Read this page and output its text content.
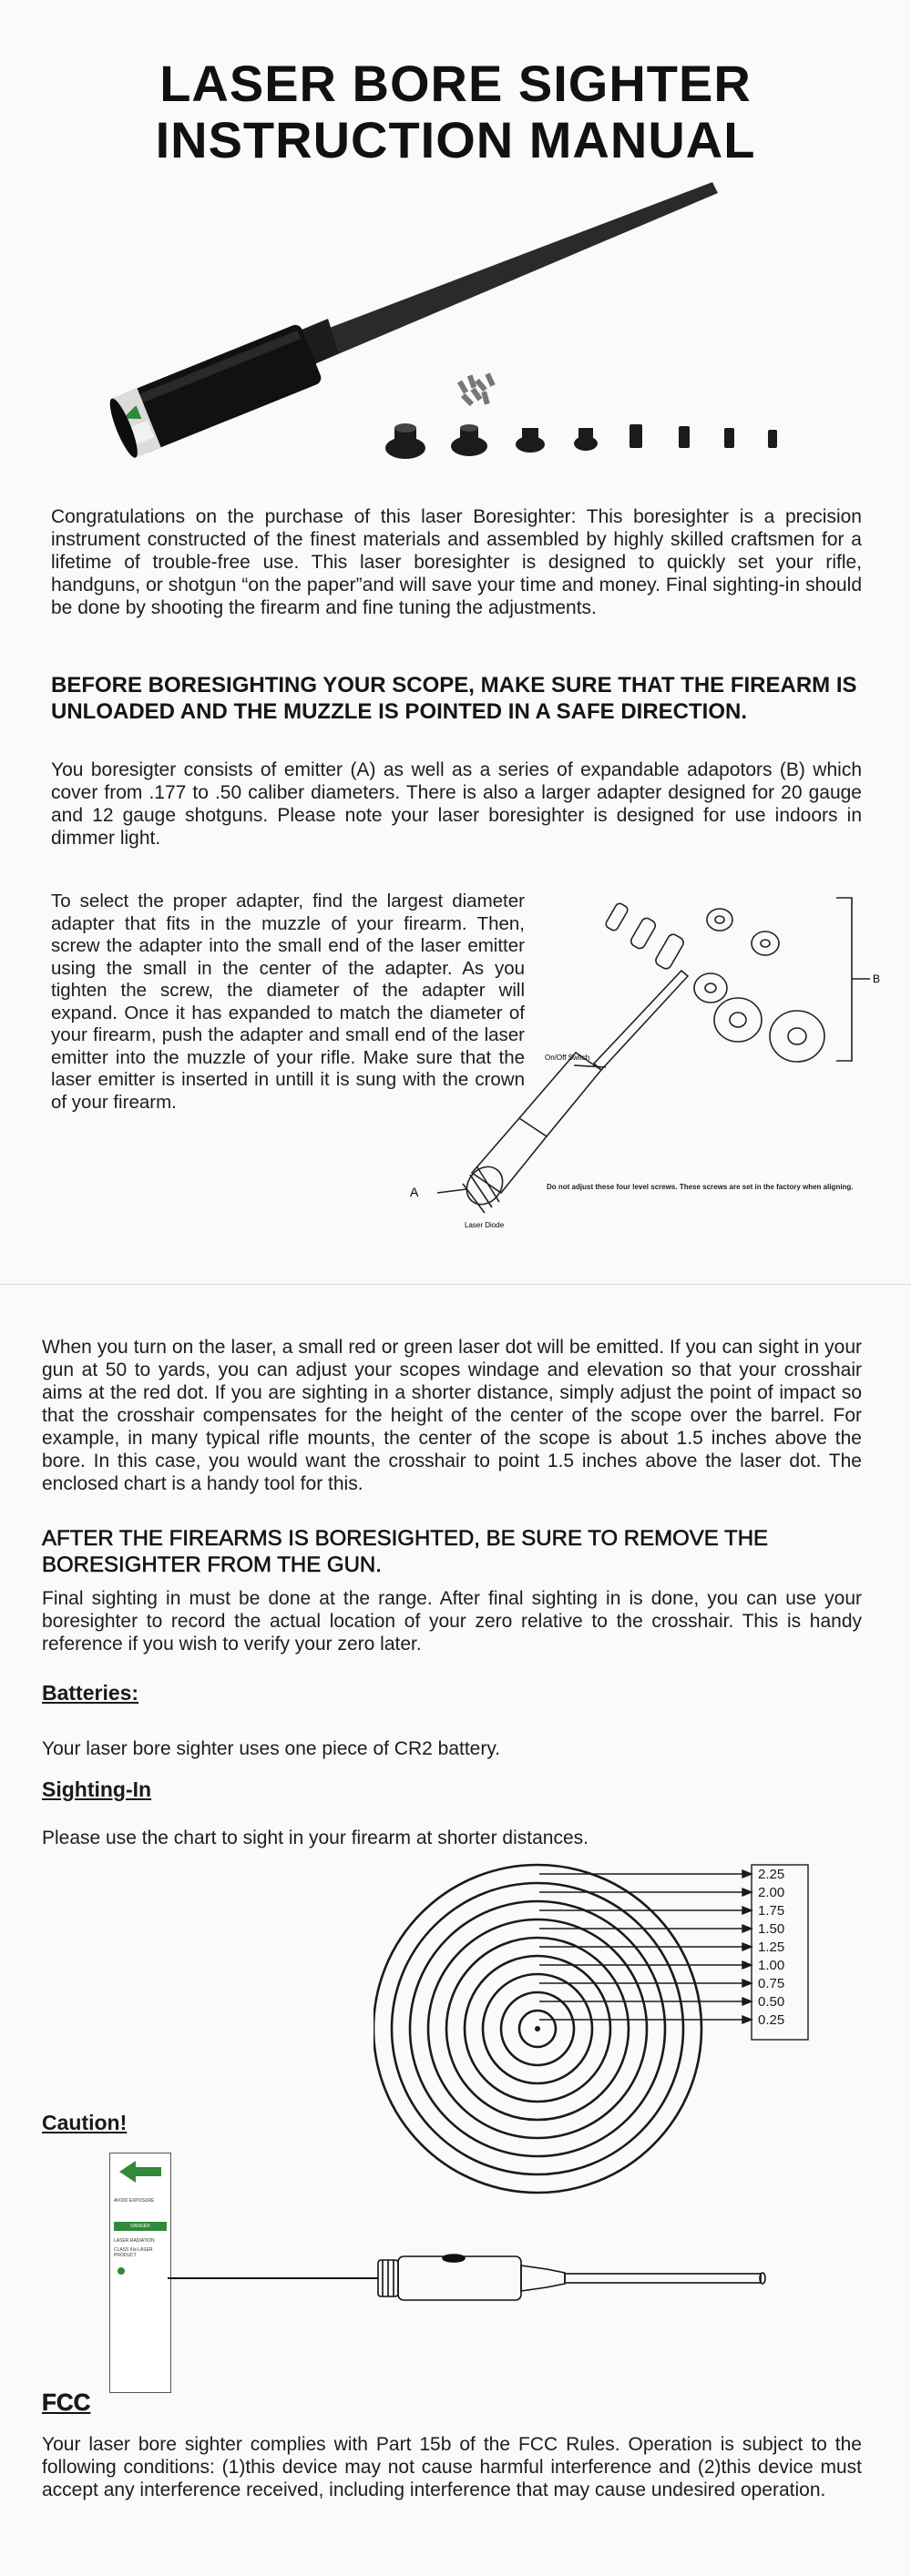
LASER BORE SIGHTER
INSTRUCTION MANUAL
Congratulations on the purchase of this laser Boresighter: This boresighter is a precision instrument constructed of the finest materials and assembled by highly skilled craftsmen for a lifetime of trouble-free use. This laser boresighter is designed to quickly set your rifle, handguns, or shotgun “on the paper”and will save your time and money. Final sighting-in should be done by shooting the firearm and fine tuning the adjustments.
BEFORE BORESIGHTING YOUR SCOPE, MAKE SURE THAT THE FIREARM IS UNLOADED AND THE MUZZLE IS POINTED IN A SAFE DIRECTION.
You boresigter consists of emitter (A) as well as a series of expandable adapotors (B) which cover from .177 to .50 caliber diameters. There is also a larger adapter designed for 20 gauge and 12 gauge shotguns. Please note your laser boresighter is designed for use indoors in dimmer light.
To select the proper adapter, find the largest diameter adapter that fits in the muzzle of your firearm. Then, screw the adapter into the small end of the laser emitter using the small in the center of the adapter. As you tighten the screw, the diameter of the adapter will expand. Once it has expanded to match the diameter of your firearm, push the adapter and small end of the laser emitter into the muzzle of your rifle. Make sure that the laser emitter is inserted in untill it is sung with the crown of your firearm.
On/Off Switch
A
B
Laser Diode
Do not adjust these four level screws. These screws are set in the factory when aligning.
When you turn on the laser, a small red or green laser dot will be emitted. If you can sight in your gun at 50 to yards, you can adjust your scopes windage and elevation so that your crosshair aims at the red dot. If you are sighting in a shorter distance, simply adjust the point of impact so that the crosshair compensates for the height of the center of the scope over the barrel. For example, in many typical rifle mounts, the center of the scope is about 1.5 inches above the bore. In this case, you would want the crosshair to point 1.5 inches above the laser dot. The enclosed chart is a handy tool for this.
AFTER THE FIREARMS IS BORESIGHTED, BE SURE TO REMOVE THE BORESIGHTER FROM THE GUN.
Final sighting in must be done at the range. After final sighting in is done, you can use your boresighter to record the actual location of your zero relative to the crosshair. This is handy reference if you wish to verify your zero later.
Batteries:
Your laser bore sighter uses one piece of CR2 battery.
Sighting-In
Please use the chart to sight in your firearm at shorter distances.
2.25
2.00
1.75
1.50
1.25
1.00
0.75
0.50
0.25
Caution!
AVOID EXPOSURE
DANGER
LASER RADIATION
CLASS IIIa LASER PRODUCT
FCC
Your laser bore sighter complies with Part 15b of the FCC Rules. Operation is subject to the following conditions: (1)this device may not cause harmful interference and (2)this device must accept any interference received, including interference that may cause undesired operation.
